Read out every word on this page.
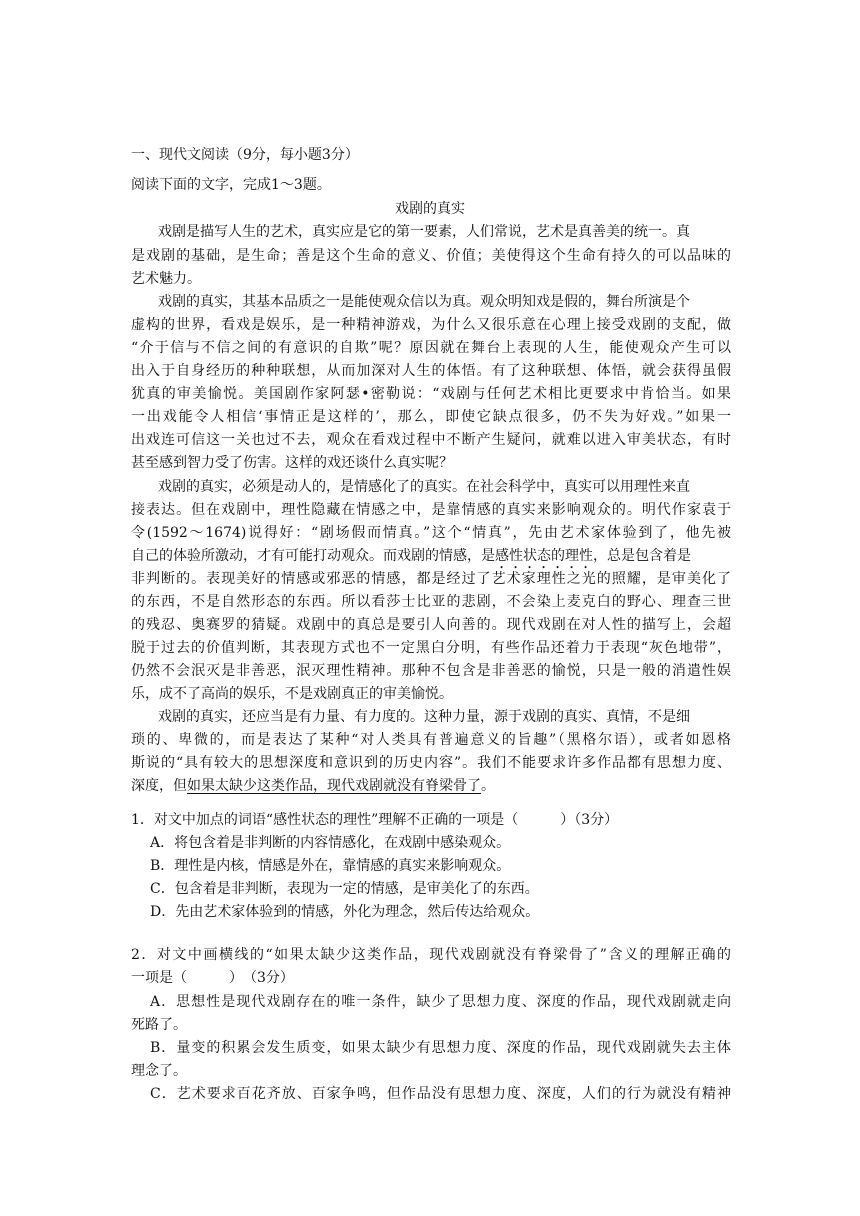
一、现代文阅读（9分，每小题3分）
阅读下面的文字，完成1～3题。
戏剧的真实
戏剧是描写人生的艺术，真实应是它的第一要素，人们常说，艺术是真善美的统一。真
是戏剧的基础，是生命；善是这个生命的意义、价值；美使得这个生命有持久的可以品味的
艺术魅力。
戏剧的真实，其基本品质之一是能使观众信以为真。观众明知戏是假的，舞台所演是个
虚构的世界，看戏是娱乐，是一种精神游戏，为什么又很乐意在心理上接受戏剧的支配，做
“介于信与不信之间的有意识的自欺”呢？原因就在舞台上表现的人生，能使观众产生可以
出入于自身经历的种种联想，从而加深对人生的体悟。有了这种联想、体悟，就会获得虽假
犹真的审美愉悦。美国剧作家阿瑟•密勒说：“戏剧与任何艺术相比更要求中肯恰当。如果
一出戏能令人相信‘事情正是这样的’，那么，即使它缺点很多，仍不失为好戏。”如果一
出戏连可信这一关也过不去，观众在看戏过程中不断产生疑问，就难以进入审美状态，有时
甚至感到智力受了伤害。这样的戏还谈什么真实呢？
戏剧的真实，必须是动人的，是情感化了的真实。在社会科学中，真实可以用理性来直
接表达。但在戏剧中，理性隐藏在情感之中，是靠情感的真实来影响观众的。明代作家袁于
令(1592～1674)说得好：“剧场假而情真。”这个“情真”，先由艺术家体验到了，他先被
自己的体验所激动，才有可能打动观众。而戏剧的情感，是感性状态的理性，总是包含着是
非判断的。表现美好的情感或邪恶的情感，都是经过了艺术家理性之光的照耀，是审美化了
的东西，不是自然形态的东西。所以看莎士比亚的悲剧，不会染上麦克白的野心、理查三世
的残忍、奥赛罗的猜疑。戏剧中的真总是要引人向善的。现代戏剧在对人性的描写上，会超
脱于过去的价值判断，其表现方式也不一定黑白分明，有些作品还着力于表现“灰色地带”，
仍然不会泯灭是非善恶，泯灭理性精神。那种不包含是非善恶的愉悦，只是一般的消遣性娱
乐，成不了高尚的娱乐，不是戏剧真正的审美愉悦。
戏剧的真实，还应当是有力量、有力度的。这种力量，源于戏剧的真实、真情，不是细
琐的、卑微的，而是表达了某种“对人类具有普遍意义的旨趣”（黑格尔语），或者如恩格
斯说的“具有较大的思想深度和意识到的历史内容”。我们不能要求许多作品都有思想力度、
深度，但如果太缺少这类作品，现代戏剧就没有脊梁骨了。
1．对文中加点的词语“感性状态的理性”理解不正确的一项是（　　　）（3分）
A．将包含着是非判断的内容情感化，在戏剧中感染观众。
B．理性是内核，情感是外在，靠情感的真实来影响观众。
C．包含着是非判断，表现为一定的情感，是审美化了的东西。
D．先由艺术家体验到的情感，外化为理念，然后传达给观众。
2．对文中画横线的“如果太缺少这类作品，现代戏剧就没有脊梁骨了”含义的理解正确的
一项是（　　　）　（3分）
A．思想性是现代戏剧存在的唯一条件，缺少了思想力度、深度的作品，现代戏剧就走向
死路了。
B．量变的积累会发生质变，如果太缺少有思想力度、深度的作品，现代戏剧就失去主体
理念了。
C．艺术要求百花齐放、百家争鸣，但作品没有思想力度、深度，人们的行为就没有精神
